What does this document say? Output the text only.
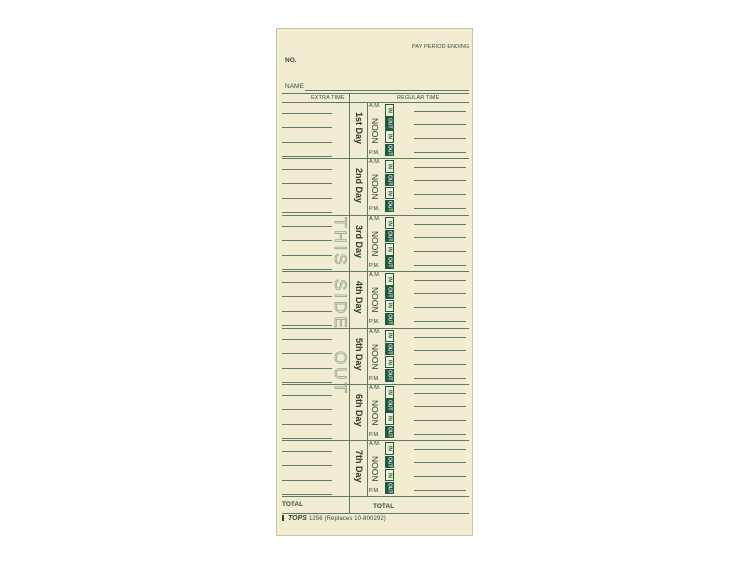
PAY PERIOD ENDING
NO.
NAME
EXTRA TIME	REGULAR TIME
1st Day
A.M.
NOON
P.M.
IN
OUT
IN
OUT
2nd Day
A.M.
NOON
P.M.
IN
OUT
IN
OUT
3rd Day
A.M.
NOON
P.M.
IN
OUT
IN
OUT
4th Day
A.M.
NOON
P.M.
IN
OUT
IN
OUT
5th Day
A.M.
NOON
P.M.
IN
OUT
IN
OUT
6th Day
A.M.
NOON
P.M.
IN
OUT
IN
OUT
7th Day
A.M.
NOON
P.M.
IN
OUT
IN
OUT
THIS
SIDE
OUT
TOTAL	TOTAL
TOPS 1256 (Replaces 10-800292)
